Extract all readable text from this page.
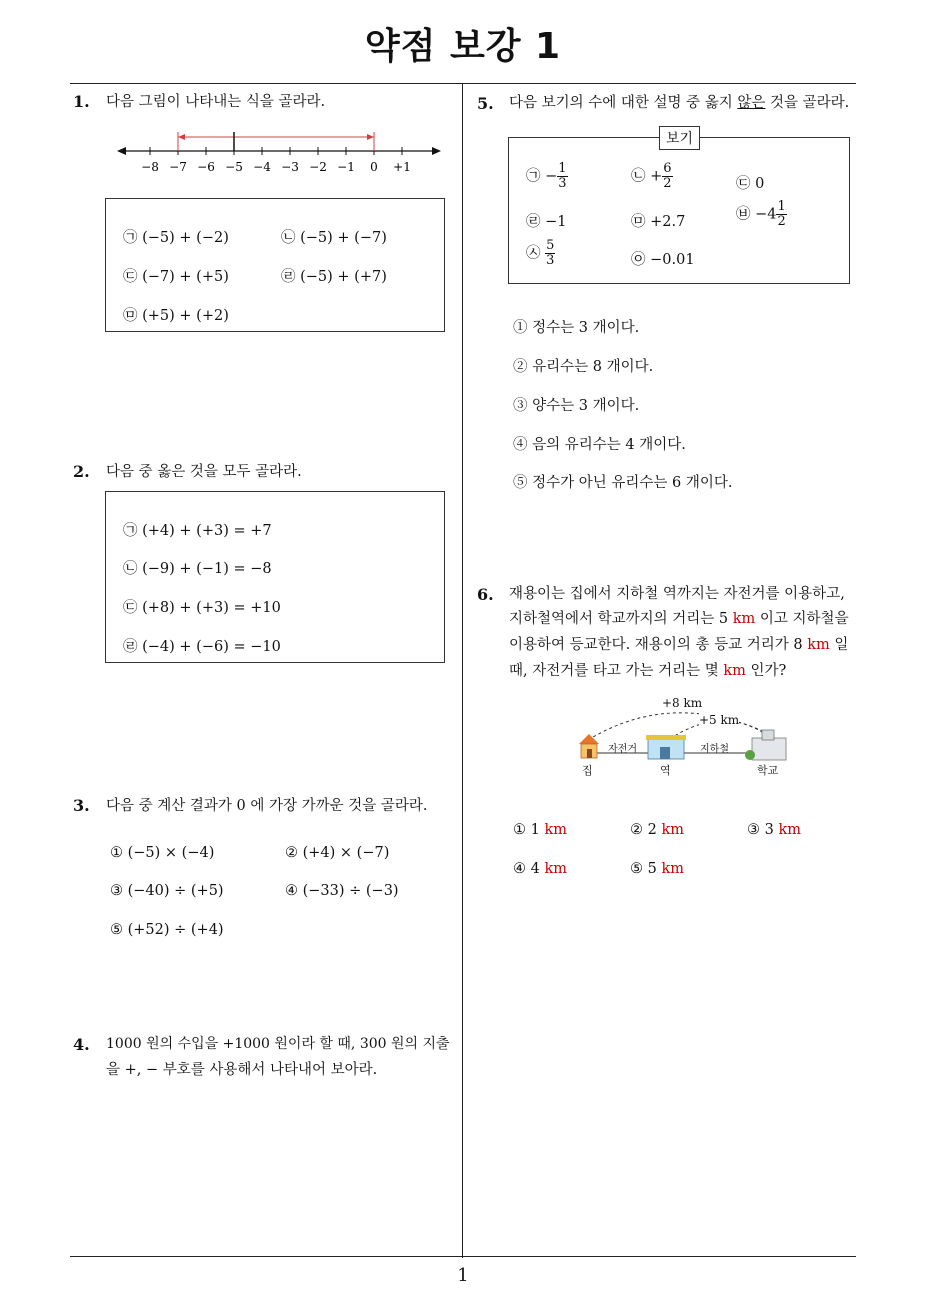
약점 보강 1
1
1. 다음 그림이 나타내는 식을 골라라.
−8 −7 −6 −5 −4 −3 −2 −1 0 +1
㉠ (−5) + (−2)	㉡ (−5) + (−7)
㉢ (−7) + (+5)	㉣ (−5) + (+7)
㉤ (+5) + (+2)
2. 다음 중 옳은 것을 모두 골라라.
㉠ (+4) + (+3) = +7
㉡ (−9) + (−1) = −8
㉢ (+8) + (+3) = +10
㉣ (−4) + (−6) = −10
3. 다음 중 계산 결과가 0 에 가장 가까운 것을 골라라.
① (−5) × (−4)	② (+4) × (−7)
③ (−40) ÷ (+5)	④ (−33) ÷ (−3)
⑤ (+52) ÷ (+4)
4. 1000 원의 수입을 +1000 원이라 할 때, 300 원의 지출
을 +, − 부호를 사용해서 나타내어 보아라.
5. 다음 보기의 수에 대한 설명 중 옳지 않은 것을 골라라.
보기
㉠ − $\frac{1}{3}$	㉡ + $\frac{6}{2}$	㉢ 0
㉣ −1	㉤ +2.7	㉥ $-4 \frac{1}{2}$
㉦ $\frac{5}{3}$	㉧ −0.01
① 정수는 3 개이다.
② 유리수는 8 개이다.
③ 양수는 3 개이다.
④ 음의 유리수는 4 개이다.
⑤ 정수가 아닌 유리수는 6 개이다.
6. 재용이는 집에서 지하철 역까지는 자전거를 이용하고,
지하철역에서 학교까지의 거리는 5 km 이고 지하철을
이용하여 등교한다. 재용이의 총 등교 거리가 8 km 일
때, 자전거를 타고 가는 거리는 몇 km 인가?
+8 km
+5 km
자전거	지하철
집	역	학교
① 1 km	② 2 km	③ 3 km
④ 4 km	⑤ 5 km
